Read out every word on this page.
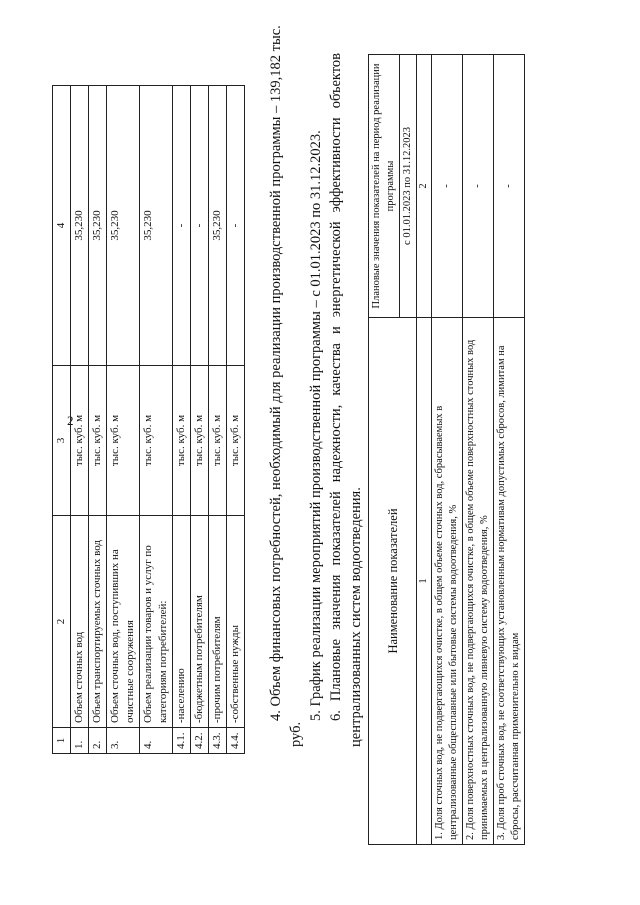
2
1	2	3	4
1.	Объем сточных вод	тыс. куб. м	35,230
2.	Объем транспортируемых сточных вод	тыс. куб. м	35,230
3.	Объем сточных вод, поступивших на очистные сооружения	тыс. куб. м	35,230
4.	Объем реализации товаров и услуг по категориям потребителей:	тыс. куб. м	35,230
4.1.	-населению	тыс. куб. м	-
4.2.	-бюджетным потребителям	тыс. куб. м	-
4.3.	-прочим потребителям	тыс. куб. м	35,230
4.4.	-собственные нужды	тыс. куб. м	- 4. Объем финансовых потребностей, необходимый для реализации производственной программы – 139,182 тыс.
руб.
5. График реализации мероприятий производственной программы – с 01.01.2023 по 31.12.2023. 6. Плановые значения показателей надежности, качества и энергетической эффективности объектов централизованных систем водоотведения. Наименование показателей	Плановые значения показателей на период реализации программы
	с 01.01.2023 по 31.12.2023
1	2
1. Доля сточных вод, не подвергающихся очистке, в общем объеме сточных вод, сбрасываемых в централизованные общесплавные или бытовые системы водоотведения, %	-
2. Доля поверхностных сточных вод, не подвергающихся очистке, в общем объеме поверхностных сточных вод принимаемых в централизованную ливневую систему водоотведения, %	-
3. Доля проб сточных вод, не соответствующих установленным нормативам допустимых сбросов, лимитам на сбросы, рассчитанная применительно к видам	-
